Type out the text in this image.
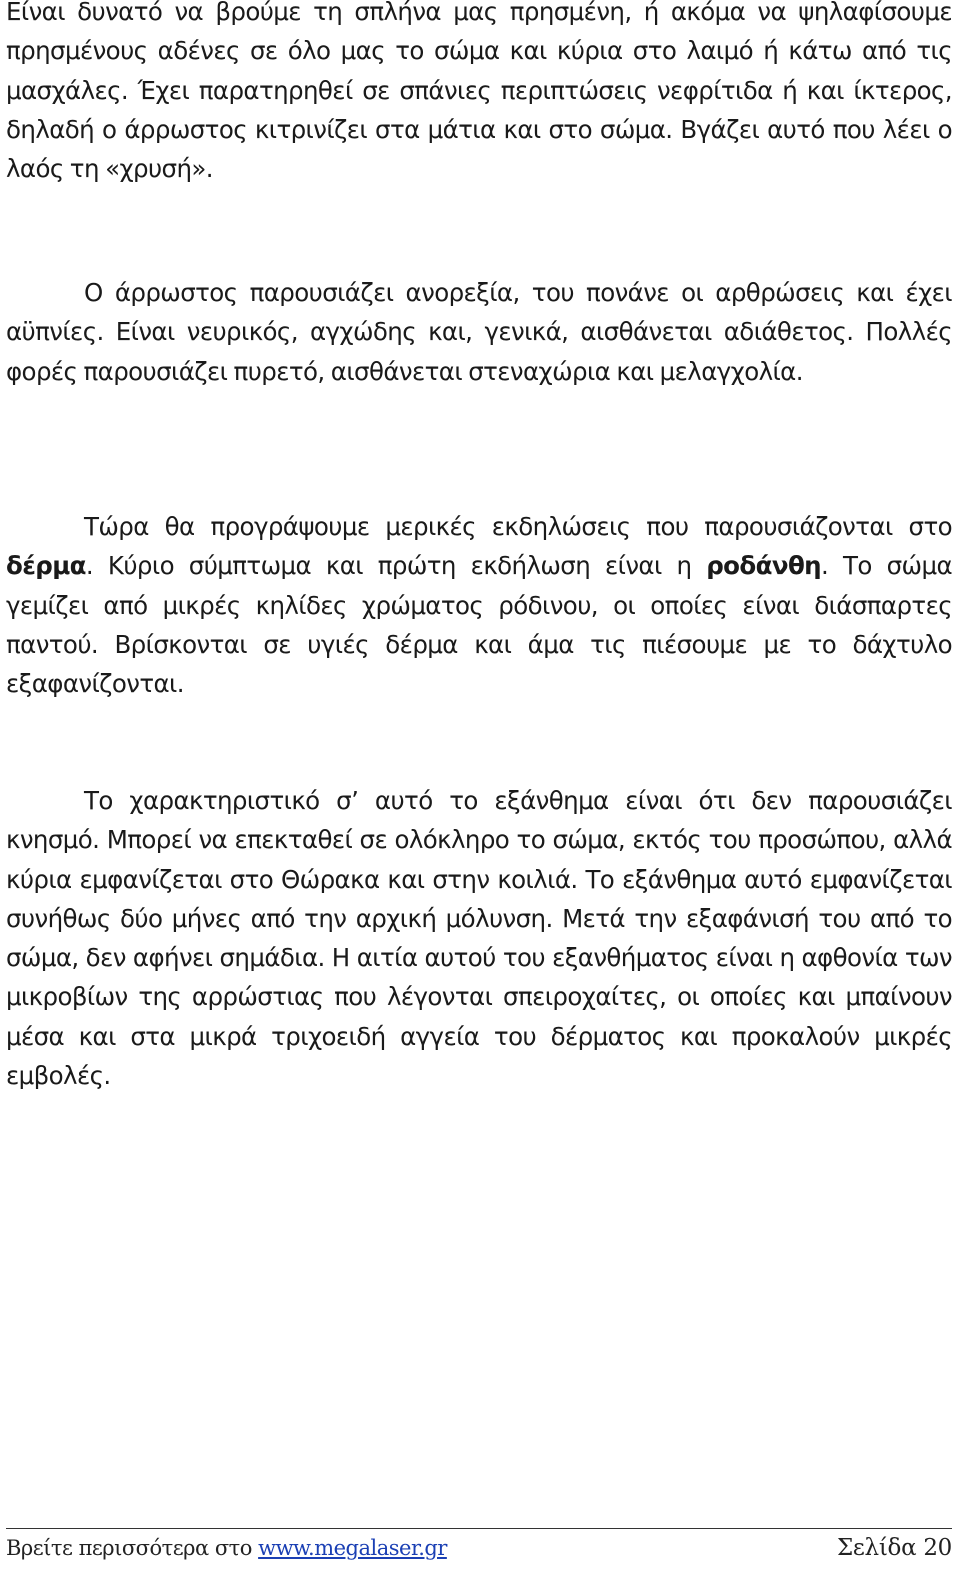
Είναι δυνατό να βρούμε τη σπλήνα μας πρησμένη, ή ακόμα να ψηλαφίσουμε πρησμένους αδένες σε όλο μας το σώμα και κύρια στο λαιμό ή κάτω από τις μασχάλες. Έχει παρατηρηθεί σε σπάνιες περιπτώσεις νεφρίτιδα ή και ίκτερος, δηλαδή ο άρρωστος κιτρινίζει στα μάτια και στο σώμα. Βγάζει αυτό που λέει ο λαός τη «χρυσή».

Ο άρρωστος παρουσιάζει ανορεξία, του πονάνε οι αρθρώσεις και έχει αϋπνίες. Είναι νευρικός, αγχώδης και, γενικά, αισθάνεται αδιάθετος. Πολλές φορές παρουσιάζει πυρετό, αισθάνεται στεναχώρια και μελαγχολία.

Τώρα θα προγράψουμε μερικές εκδηλώσεις που παρουσιάζονται στο δέρμα. Κύριο σύμπτωμα και πρώτη εκδήλωση είναι η ροδάνθη. Το σώμα γεμίζει από μικρές κηλίδες χρώματος ρόδινου, οι οποίες είναι διάσπαρτες παντού. Βρίσκονται σε υγιές δέρμα και άμα τις πιέσουμε με το δάχτυλο εξαφανίζονται.

Το χαρακτηριστικό σ’ αυτό το εξάνθημα είναι ότι δεν παρουσιάζει κνησμό. Μπορεί να επεκταθεί σε ολόκληρο το σώμα, εκτός του προσώπου, αλλά κύρια εμφανίζεται στο Θώρακα και στην κοιλιά. Το εξάνθημα αυτό εμφανίζεται συνήθως δύο μήνες από την αρχική μόλυνση. Μετά την εξαφάνισή του από το σώμα, δεν αφήνει σημάδια. Η αιτία αυτού του εξανθήματος είναι η αφθονία των μικροβίων της αρρώστιας που λέγονται σπειροχαίτες, οι οποίες και μπαίνουν μέσα και στα μικρά τριχοειδή αγγεία του δέρματος και προκαλούν μικρές εμβολές.

Βρείτε περισσότερα στο www.megalaser.gr	Σελίδα 20
